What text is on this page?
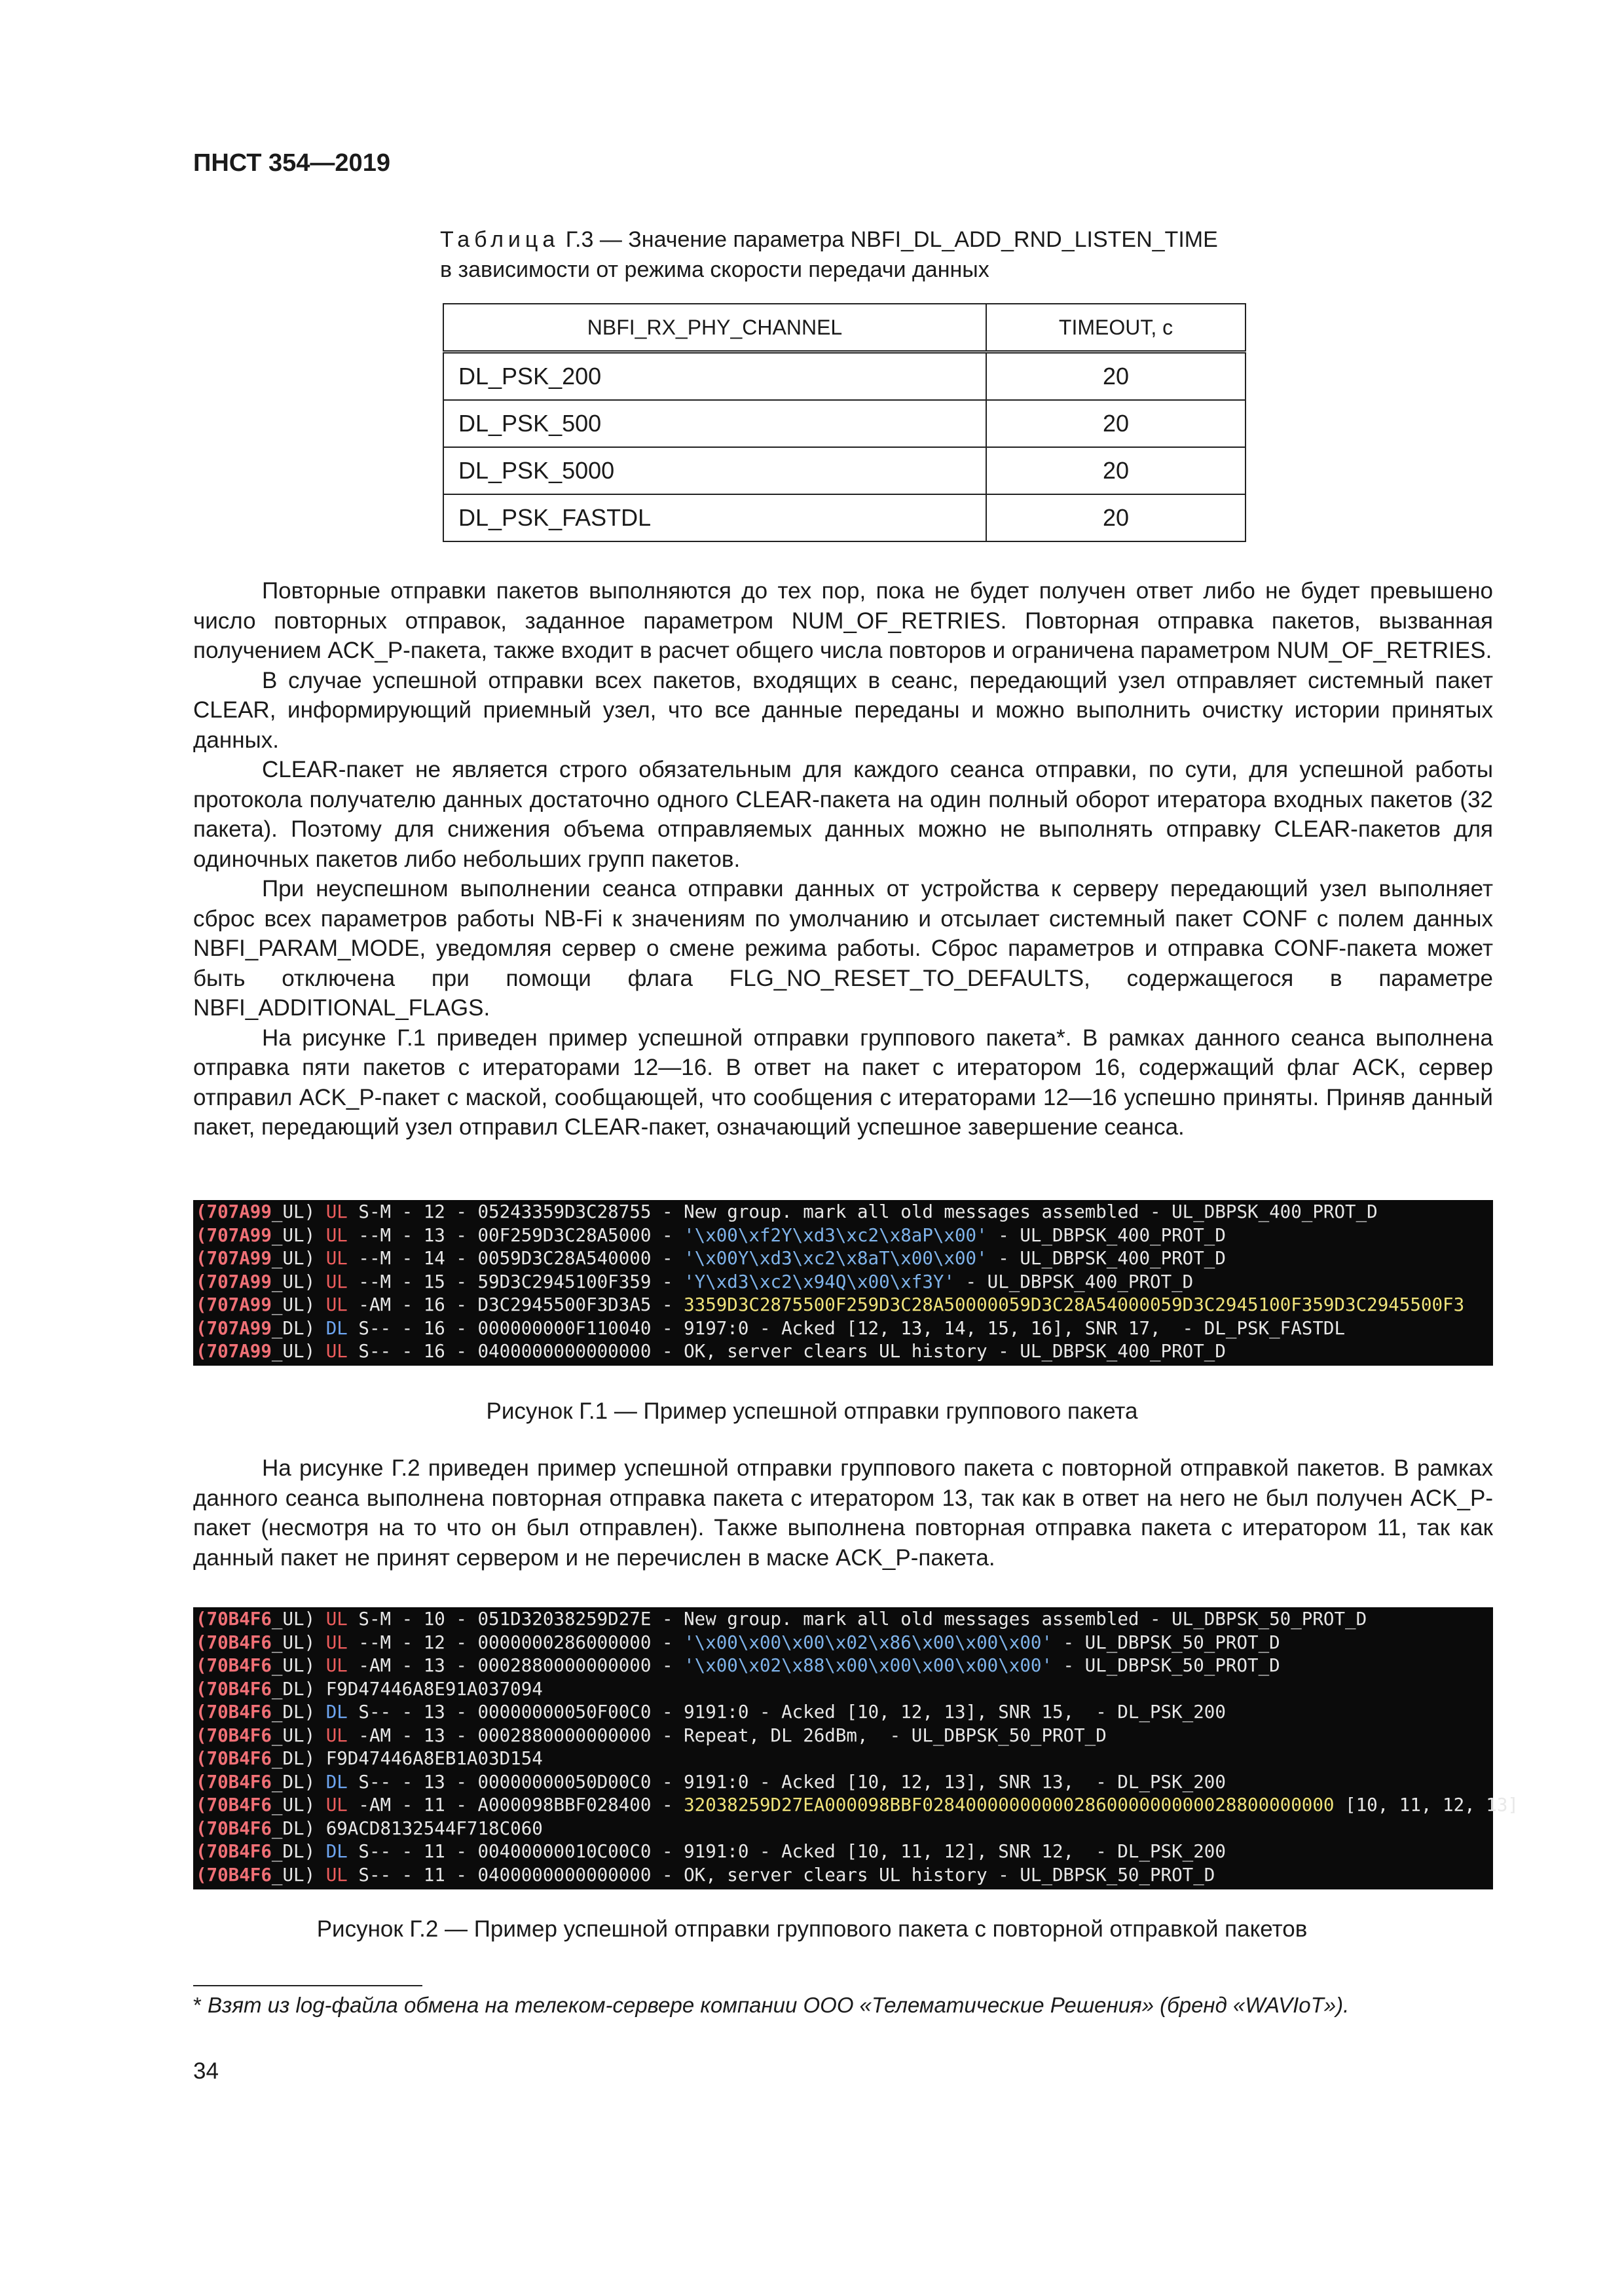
ПНСТ 354—2019
Таблица Г.3 — Значение параметра NBFI_DL_ADD_RND_LISTEN_TIME
в зависимости от режима скорости передачи данных
NBFI_RX_PHY_CHANNEL	TIMEOUT, с
DL_PSK_200	20
DL_PSK_500	20
DL_PSK_5000	20
DL_PSK_FASTDL	20

Повторные отправки пакетов выполняются до тех пор, пока не будет получен ответ либо не будет превышено число повторных отправок, заданное параметром NUM_OF_RETRIES. Повторная отправка пакетов, вызванная получением ACK_P-пакета, также входит в расчет общего числа повторов и ограничена параметром NUM_OF_RETRIES.

В случае успешной отправки всех пакетов, входящих в сеанс, передающий узел отправляет системный пакет CLEAR, информирующий приемный узел, что все данные переданы и можно выполнить очистку истории принятых данных.

CLEAR-пакет не является строго обязательным для каждого сеанса отправки, по сути, для успешной работы протокола получателю данных достаточно одного CLEAR-пакета на один полный оборот итератора входных пакетов (32 пакета). Поэтому для снижения объема отправляемых данных можно не выполнять отправку CLEAR-пакетов для одиночных пакетов либо небольших групп пакетов.

При неуспешном выполнении сеанса отправки данных от устройства к серверу передающий узел выполняет сброс всех параметров работы NB-Fi к значениям по умолчанию и отсылает системный пакет CONF с полем данных NBFI_PARAM_MODE, уведомляя сервер о смене режима работы. Сброс параметров и отправка CONF-пакета может быть отключена при помощи флага FLG_NO_RESET_TO_DEFAULTS, содержащегося в параметре NBFI_ADDITIONAL_FLAGS.

На рисунке Г.1 приведен пример успешной отправки группового пакета*. В рамках данного сеанса выполнена отправка пяти пакетов с итераторами 12—16. В ответ на пакет с итератором 16, содержащий флаг ACK, сервер отправил ACK_P-пакет с маской, сообщающей, что сообщения с итераторами 12—16 успешно приняты. Приняв данный пакет, передающий узел отправил CLEAR-пакет, означающий успешное завершение сеанса.

(707A99_UL) UL S-M - 12 - 05243359D3C28755 - New group. mark all old messages assembled - UL_DBPSK_400_PROT_D
(707A99_UL) UL --M - 13 - 00F259D3C28A5000 - '\x00\xf2Y\xd3\xc2\x8aP\x00' - UL_DBPSK_400_PROT_D
(707A99_UL) UL --M - 14 - 0059D3C28A540000 - '\x00Y\xd3\xc2\x8aT\x00\x00' - UL_DBPSK_400_PROT_D
(707A99_UL) UL --M - 15 - 59D3C2945100F359 - 'Y\xd3\xc2\x94Q\x00\xf3Y' - UL_DBPSK_400_PROT_D
(707A99_UL) UL -AM - 16 - D3C2945500F3D3A5 - 3359D3C2875500F259D3C28A50000059D3C28A54000059D3C2945100F359D3C2945500F3
(707A99_DL) DL S-- - 16 - 000000000F110040 - 9197:0 - Acked [12, 13, 14, 15, 16], SNR 17,  - DL_PSK_FASTDL
(707A99_UL) UL S-- - 16 - 0400000000000000 - OK, server clears UL history - UL_DBPSK_400_PROT_D
Рисунок Г.1 — Пример успешной отправки группового пакета

На рисунке Г.2 приведен пример успешной отправки группового пакета с повторной отправкой пакетов. В рамках данного сеанса выполнена повторная отправка пакета с итератором 13, так как в ответ на него не был получен ACK_P-пакет (несмотря на то что он был отправлен). Также выполнена повторная отправка пакета с итератором 11, так как данный пакет не принят сервером и не перечислен в маске ACK_P-пакета.

(70B4F6_UL) UL S-M - 10 - 051D32038259D27E - New group. mark all old messages assembled - UL_DBPSK_50_PROT_D
(70B4F6_UL) UL --M - 12 - 0000000286000000 - '\x00\x00\x00\x02\x86\x00\x00\x00' - UL_DBPSK_50_PROT_D
(70B4F6_UL) UL -AM - 13 - 0002880000000000 - '\x00\x02\x88\x00\x00\x00\x00\x00' - UL_DBPSK_50_PROT_D
(70B4F6_DL) F9D47446A8E91A037094
(70B4F6_DL) DL S-- - 13 - 00000000050F00C0 - 9191:0 - Acked [10, 12, 13], SNR 15,  - DL_PSK_200
(70B4F6_UL) UL -AM - 13 - 0002880000000000 - Repeat, DL 26dBm,  - UL_DBPSK_50_PROT_D
(70B4F6_DL) F9D47446A8EB1A03D154
(70B4F6_DL) DL S-- - 13 - 00000000050D00C0 - 9191:0 - Acked [10, 12, 13], SNR 13,  - DL_PSK_200
(70B4F6_UL) UL -AM - 11 - A000098BBF028400 - 32038259D27EA000098BBF02840000000000286000000000028800000000 [10, 11, 12, 13]
(70B4F6_DL) 69ACD8132544F718C060
(70B4F6_DL) DL S-- - 11 - 00400000010C00C0 - 9191:0 - Acked [10, 11, 12], SNR 12,  - DL_PSK_200
(70B4F6_UL) UL S-- - 11 - 0400000000000000 - OK, server clears UL history - UL_DBPSK_50_PROT_D
Рисунок Г.2 — Пример успешной отправки группового пакета с повторной отправкой пакетов
* Взят из log-файла обмена на телеком-сервере компании ООО «Телематические Решения» (бренд «WAVIoT»).
34
